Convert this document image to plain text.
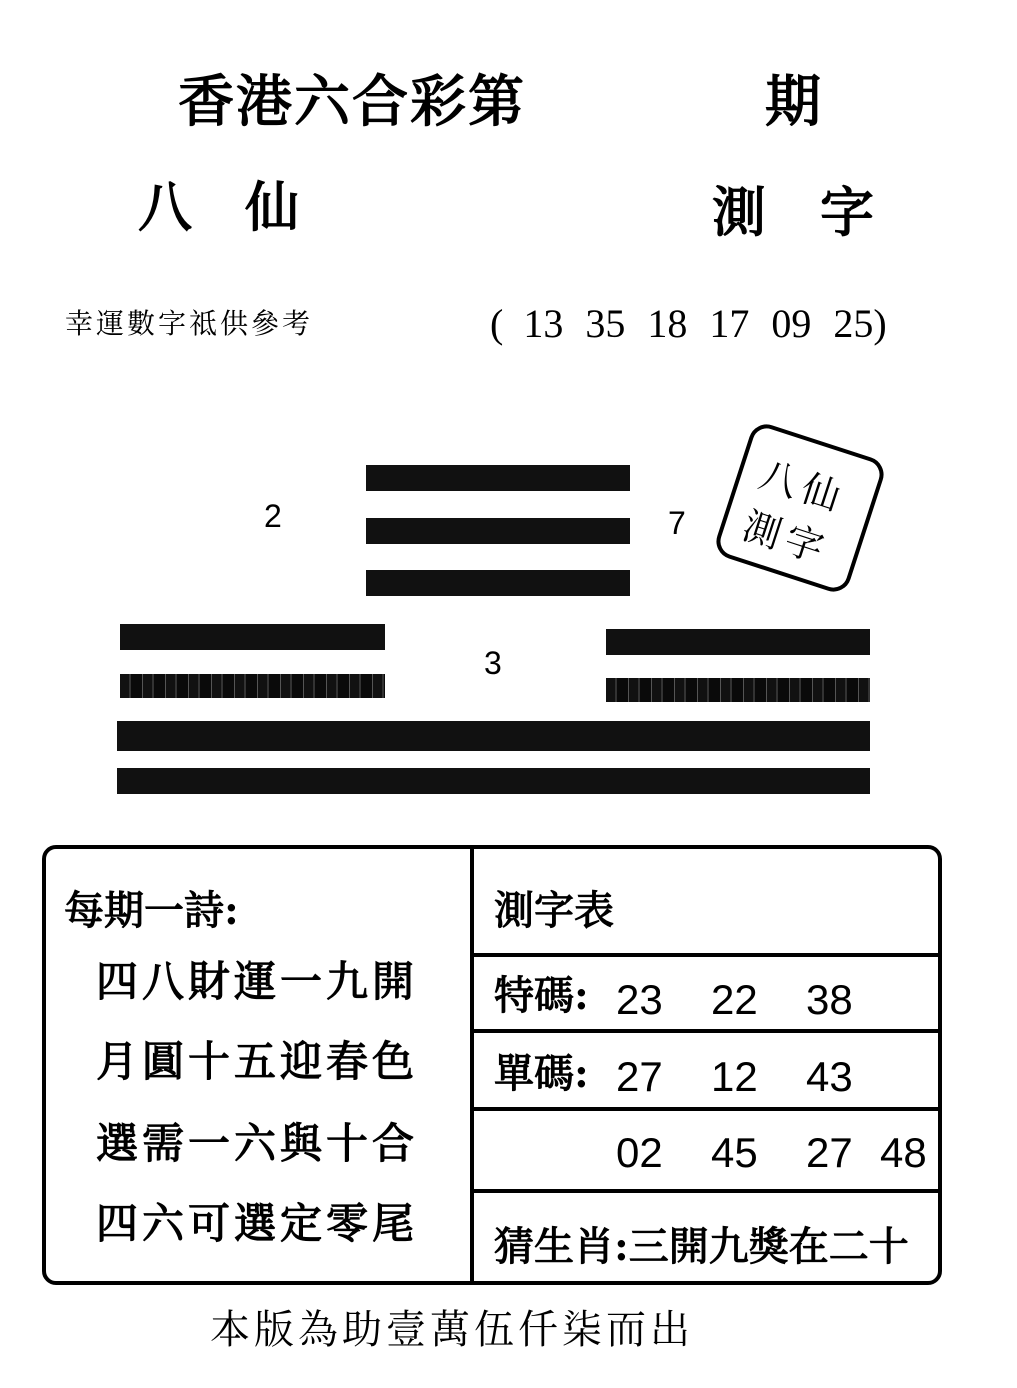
香港六合彩第	期
八 仙	測 字
幸運數字祗供參考	( 13 35 18 17 09 25)
2	7
3
八仙
測字
每期一詩:
四八財運一九開
月圓十五迎春色
選需一六與十合
四六可選定零尾
測字表
特碼: 23 22 38
單碼: 27 12 43
02 45 27 48
猜生肖:三開九獎在二十
本版為助壹萬伍仟柒而出
